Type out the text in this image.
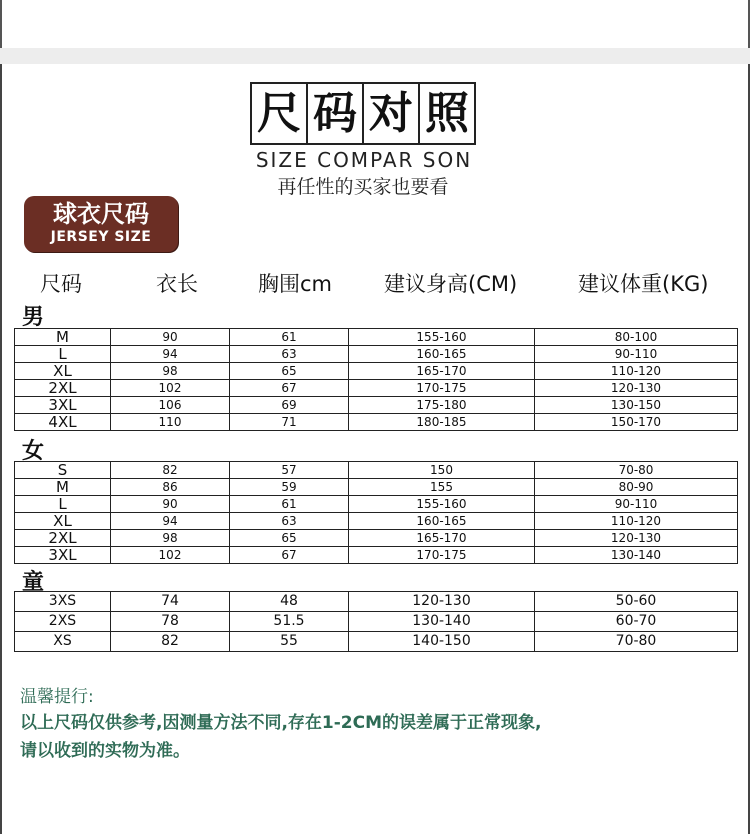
尺 码 对 照
SIZE COMPAR SON
再任性的买家也要看
球衣尺码
JERSEY SIZE
尺码	衣长	胸围cm 建议身高(CM)	建议体重(KG)
男
M	90	61	155-160	80-100
L	94	63	160-165	90-110
XL	98	65	165-170	110-120
2XL	102	67	170-175	120-130
3XL	106	69	175-180	130-150
4XL	110	71	180-185	150-170
女
S	82	57	150	70-80
M	86	59	155	80-90
L	90	61	155-160	90-110
XL	94	63	160-165	110-120
2XL	98	65	165-170	120-130
3XL	102	67	170-175	130-140
童
3XS	74	48	120-130	50-60
2XS	78	51.5	130-140	60-70
XS	82	55	140-150	70-80
温馨提行:
以上尺码仅供参考,因测量方法不同,存在1-2CM的误差属于正常现象,
请以收到的实物为准。
